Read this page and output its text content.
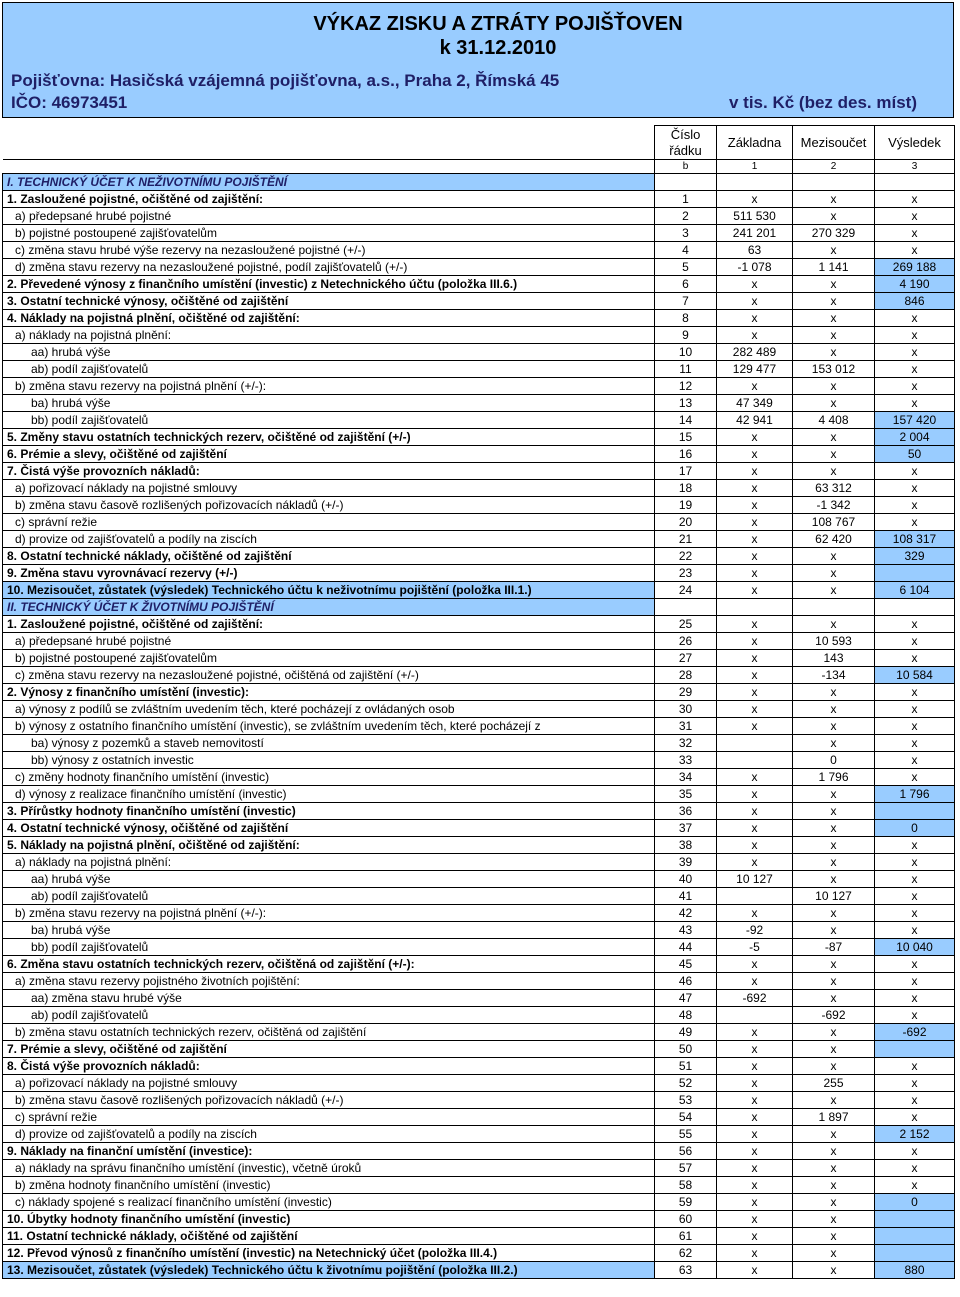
VÝKAZ ZISKU A ZTRÁTY POJIŠŤOVEN
k 31.12.2010
Pojišťovna: Hasičská vzájemná pojišťovna, a.s., Praha 2, Římská 45
IČO: 46973451	v tis. Kč (bez des. míst)
	Číslo řádku	Základna	Mezisoučet	Výsledek
	b	1	2	3
I. TECHNICKÝ ÚČET K NEŽIVOTNÍMU POJIŠTĚNÍ				
1. Zasloužené pojistné, očištěné od zajištění:	1	x	x	x
a) předepsané hrubé pojistné	2	511 530	x	x
b) pojistné postoupené zajišťovatelům	3	241 201	270 329	x
c) změna stavu hrubé výše rezervy na nezasloužené pojistné (+/-)	4	63	x	x
d) změna stavu rezervy na nezasloužené pojistné, podíl zajišťovatelů (+/-)	5	-1 078	1 141	269 188
2. Převedené výnosy z finančního umístění (investic) z Netechnického účtu (položka III.6.)	6	x	x	4 190
3. Ostatní technické výnosy, očištěné od zajištění	7	x	x	846
4. Náklady na pojistná plnění, očištěné od zajištění:	8	x	x	x
a) náklady na pojistná plnění:	9	x	x	x
aa) hrubá výše	10	282 489	x	x
ab) podíl zajišťovatelů	11	129 477	153 012	x
b) změna stavu rezervy na pojistná plnění (+/-):	12	x	x	x
ba) hrubá výše	13	47 349	x	x
bb) podíl zajišťovatelů	14	42 941	4 408	157 420
5. Změny stavu ostatních technických rezerv, očištěné od zajištění (+/-)	15	x	x	2 004
6. Prémie a slevy, očištěné od zajištění	16	x	x	50
7. Čistá výše provozních nákladů:	17	x	x	x
a) pořizovací náklady na pojistné smlouvy	18	x	63 312	x
b) změna stavu časově rozlišených pořizovacích nákladů (+/-)	19	x	-1 342	x
c) správní režie	20	x	108 767	x
d) provize od zajišťovatelů a podíly na ziscích	21	x	62 420	108 317
8. Ostatní technické náklady, očištěné od zajištění	22	x	x	329
9. Změna stavu vyrovnávací rezervy (+/-)	23	x	x	
10. Mezisoučet, zůstatek (výsledek) Technického účtu k neživotnímu pojištění (položka III.1.)	24	x	x	6 104
II. TECHNICKÝ ÚČET K ŽIVOTNÍMU POJIŠTĚNÍ				
1. Zasloužené pojistné, očištěné od zajištění:	25	x	x	x
a) předepsané hrubé pojistné	26	x	10 593	x
b) pojistné postoupené zajišťovatelům	27	x	143	x
c) změna stavu rezervy na nezasloužené pojistné, očištěná od zajištění (+/-)	28	x	-134	10 584
2. Výnosy z finančního umístění (investic):	29	x	x	x
a) výnosy z podílů se zvláštním uvedením těch, které pocházejí z ovládaných osob	30	x	x	x
b) výnosy z ostatního finančního umístění (investic), se zvláštním uvedením těch, které pocházejí z	31	x	x	x
ba) výnosy z pozemků a staveb nemovitostí	32		x	x
bb) výnosy z ostatních investic	33		0	x
c) změny hodnoty finančního umístění (investic)	34	x	1 796	x
d) výnosy z realizace finančního umístění (investic)	35	x	x	1 796
3. Přírůstky hodnoty finančního umístění (investic)	36	x	x	
4. Ostatní technické výnosy, očištěné od zajištění	37	x	x	0
5. Náklady na pojistná plnění, očištěné od zajištění:	38	x	x	x
a) náklady na pojistná plnění:	39	x	x	x
aa) hrubá výše	40	10 127	x	x
ab) podíl zajišťovatelů	41		10 127	x
b) změna stavu rezervy na pojistná plnění (+/-):	42	x	x	x
ba) hrubá výše	43	-92	x	x
bb) podíl zajišťovatelů	44	-5	-87	10 040
6. Změna stavu ostatních technických rezerv, očištěná od zajištění (+/-):	45	x	x	x
a) změna stavu rezervy pojistného životních pojištění:	46	x	x	x
aa) změna stavu hrubé výše	47	-692	x	x
ab) podíl zajišťovatelů	48		-692	x
b) změna stavu ostatních technických rezerv, očištěná od zajištění	49	x	x	-692
7. Prémie a slevy, očištěné od zajištění	50	x	x	
8. Čistá výše provozních nákladů:	51	x	x	x
a) pořizovací náklady na pojistné smlouvy	52	x	255	x
b) změna stavu časově rozlišených pořizovacích nákladů (+/-)	53	x	x	x
c) správní režie	54	x	1 897	x
d) provize od zajišťovatelů a podíly na ziscích	55	x	x	2 152
9. Náklady na finanční umístění (investice):	56	x	x	x
a) náklady na správu finančního umístění (investic), včetně úroků	57	x	x	x
b) změna hodnoty finančního umístění (investic)	58	x	x	x
c) náklady spojené s realizací finančního umístění (investic)	59	x	x	0
10. Úbytky hodnoty finančního umístění (investic)	60	x	x	
11. Ostatní technické náklady, očištěné od zajištění	61	x	x	
12. Převod výnosů z finančního umístění (investic) na Netechnický účet (položka III.4.)	62	x	x	
13. Mezisoučet, zůstatek (výsledek) Technického účtu k životnímu pojištění (položka III.2.)	63	x	x	880
